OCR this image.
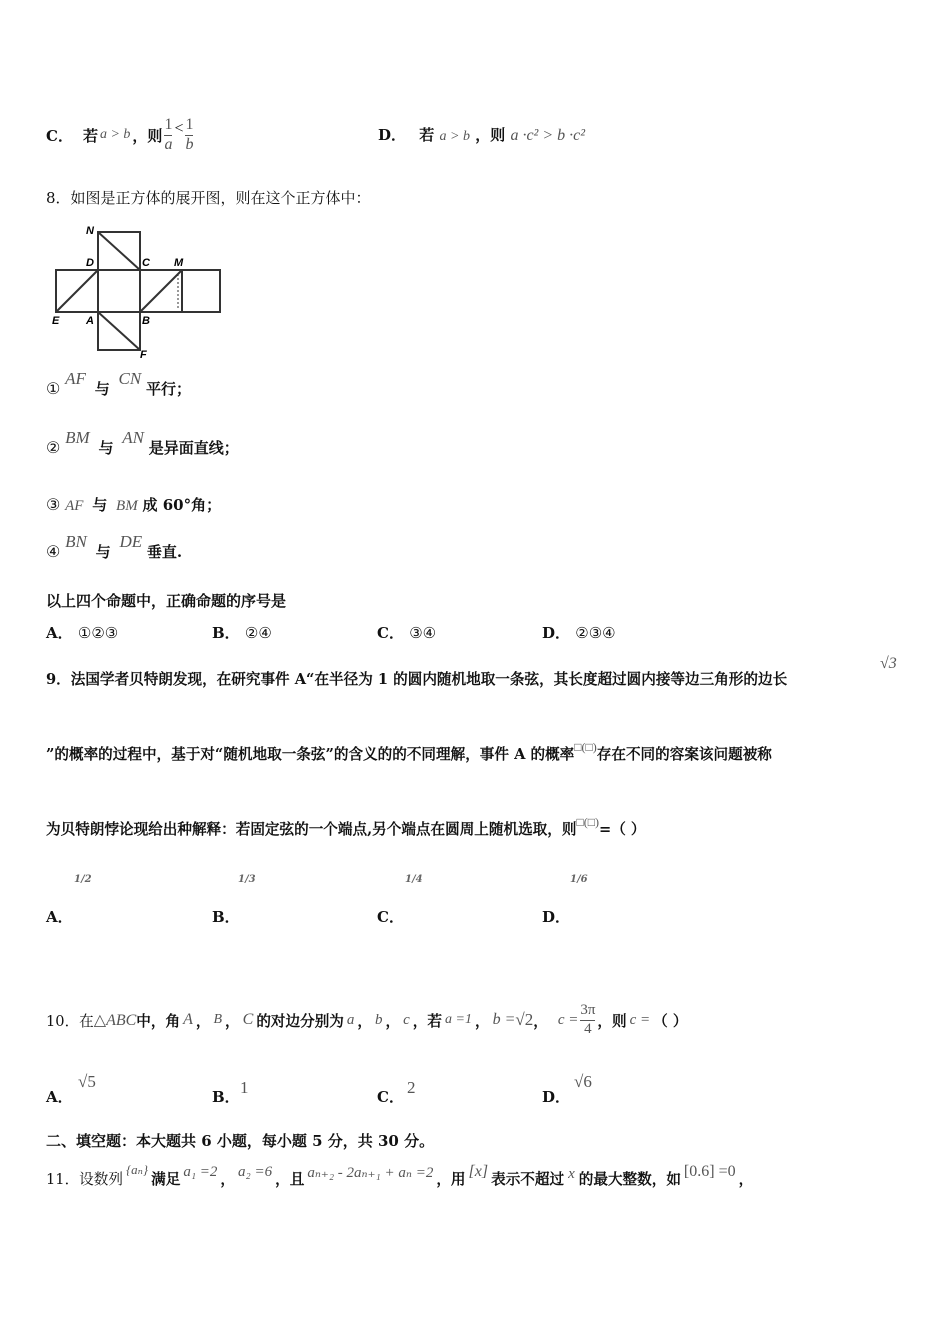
C． 若 a > b ，则 $\frac{1}{a} < \frac{1}{b}$	D． 若 a > b ，则 a ·c² > b ·c²
8．如图是正方体的展开图，则在这个正方体中：
N
D	C M
E A	B
F
① AF 与 CN 平行；
② BM 与 AN 是异面直线；
③ AF 与 BM 成 60°角；
④ BN 与 DE 垂直.
以上四个命题中，正确命题的序号是
A． ①②③	B． ②④	C． ③④	D． ②③④
9．法国学者贝特朗发现，在研究事件 A“在半径为 1 的圆内随机地取一条弦，其长度超过圆内接等边三角形的边长
√3
”的概率的过程中，基于对“随机地取一条弦”的含义的的不同理解，事件 A 的概率□(□)存在不同的容案该问题被称
为贝特朗悖论现给出种解释：若固定弦的一个端点,另个端点在圆周上随机选取，则□(□)=（ ）
1/2
A．
1/3
B．
1/4
C．
1/6
D．
10．在 △ABC 中，角 A ， B ， C 的对边分别为 a ， b ， c ，若 a =1 ， b = √2 ， $c = \frac{3\pi}{4}$ ，则 c = （ ）
A．
√5
B． 1	C． 2	D．
√6
二、填空题：本大题共 6 小题，每小题 5 分，共 30 分。
11．设数列
{aₙ}
满足 a₁ =2 ， a₂ =6 ，且 aₙ₊₂ - 2aₙ₊₁ + aₙ =2 ，用 [x] 表示不超过 x 的最大整数，如 [0.6] =0 ，
